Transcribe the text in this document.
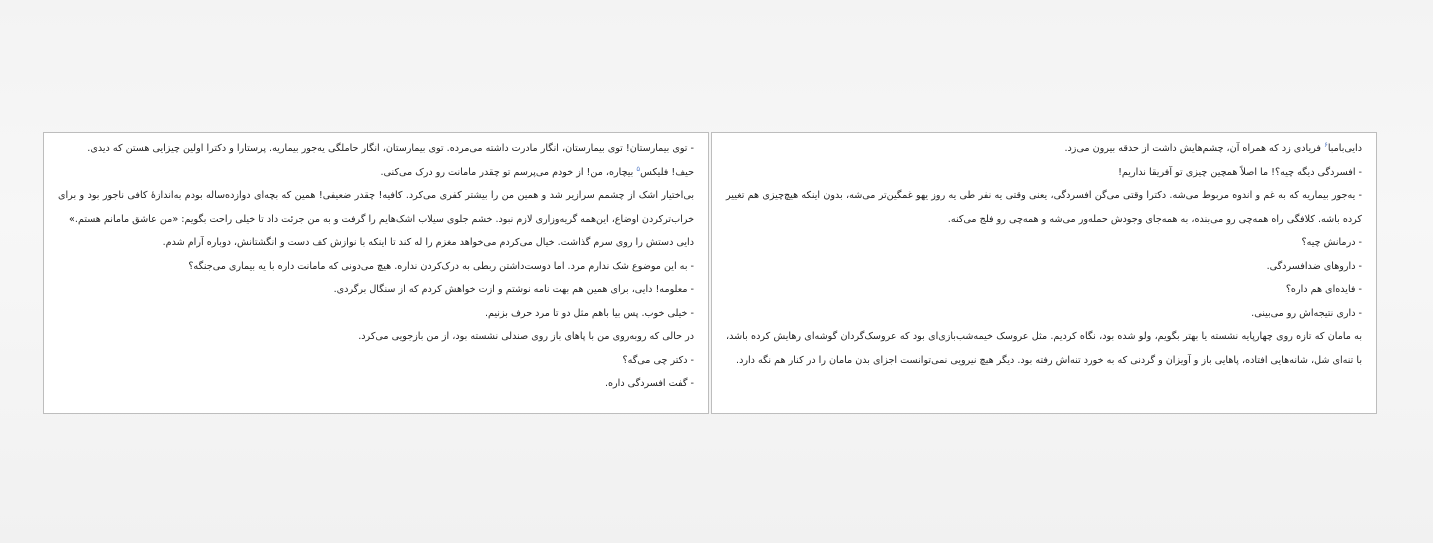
- توی بیمارستان! توی بیمارستان، انگار مادرت داشته می‌مرده. توی بیمارستان، انگار حاملگی یه‌جور بیماریه. پرستارا و دکترا اولین چیزایی هستن که دیدی.

حیف! فلیکس$^۵$ بیچاره، من! از خودم می‌پرسم تو چقدر مامانت رو درک می‌کنی.

بی‌اختیار اشک از چشمم سرازیر شد و همین من را بیشتر کفری می‌کرد. کافیه! چقدر ضعیفی! همین که بچه‌ای دوازده‌ساله بودم به‌اندازهٔ کافی ناجور بود و برای خراب‌ترکردن اوضاع، این‌همه گریه‌وزاری لازم نبود. خشم جلوی سیلاب اشک‌هایم را گرفت و به من جرئت داد تا خیلی راحت بگویم: «من عاشق مامانم هستم.»

دایی دستش را روی سرم گذاشت. خیال می‌کردم می‌خواهد مغزم را له کند تا اینکه با نوازش کف دست و انگشتانش، دوباره آرام شدم.

- به این موضوع شک ندارم مرد. اما دوست‌داشتن ربطی به درک‌کردن نداره. هیچ می‌دونی که مامانت داره با یه بیماری می‌جنگه؟

- معلومه! دایی، برای همین هم بهت نامه نوشتم و ازت خواهش کردم که از سنگال برگردی.

- خیلی خوب. پس بیا باهم مثل دو تا مرد حرف بزنیم.

در حالی که روبه‌روی من با پاهای باز روی صندلی نشسته بود، از من بازجویی می‌کرد.

- دکتر چی می‌گه؟

- گفت افسردگی داره.

دایی‌بامبا$^۶$ فریادی زد که همراه آن، چشم‌هایش داشت از حدقه بیرون می‌زد.

- افسردگی دیگه چیه؟! ما اصلاً همچین چیزی تو آفریقا نداریم!

- یه‌جور بیماریه که به غم و اندوه مربوط می‌شه. دکترا وقتی می‌گن افسردگی، یعنی وقتی یه نفر طی یه روز یهو غمگین‌تر می‌شه، بدون اینکه هیچ‌چیزی هم تغییر کرده باشه. کلافگی راه همه‌چی رو می‌بنده، به همه‌جای وجودش حمله‌ور می‌شه و همه‌چی رو فلج می‌کنه.

- درمانش چیه؟

- داروهای ضدافسردگی.

- فایده‌ای هم داره؟

- داری نتیجه‌اش رو می‌بینی.

به مامان که تازه روی چهارپایه نشسته یا بهتر بگویم، ولو شده بود، نگاه کردیم. مثل عروسک خیمه‌شب‌بازی‌ای بود که عروسک‌گردان گوشه‌ای رهایش کرده باشد، با تنه‌ای شل، شانه‌هایی افتاده، پاهایی باز و آویزان و گردنی که به خورد تنه‌اش رفته بود. دیگر هیچ نیرویی نمی‌توانست اجزای بدن مامان را در کنار هم نگه دارد.
